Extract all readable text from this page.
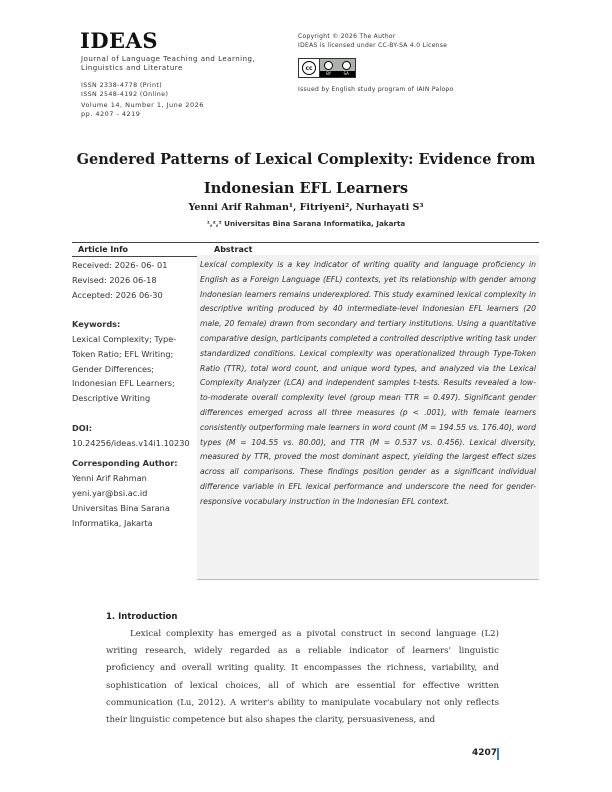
IDEAS
Journal of Language Teaching and Learning, Linguistics and Literature
ISSN 2338-4778 (Print)
ISSN 2548-4192 (Online)
Volume 14, Number 1, June 2026
pp. 4207 - 4219
Copyright © 2026 The Author
IDEAS is licensed under CC-BY-SA 4.0 License
cc
BY	SA
Issued by English study program of IAIN Palopo
Gendered Patterns of Lexical Complexity: Evidence from Indonesian EFL Learners
Yenni Arif Rahman¹, Fitriyeni², Nurhayati S³
¹,²,³ Universitas Bina Sarana Informatika, Jakarta
Article Info	Abstract
Received: 2026- 06- 01
Revised: 2026 06-18
Accepted: 2026 06-30
Keywords:
Lexical Complexity; Type-Token Ratio; EFL Writing; Gender Differences; Indonesian EFL Learners; Descriptive Writing
DOI:
10.24256/ideas.v14i1.10230
Corresponding Author:
Yenni Arif Rahman
yeni.yar@bsi.ac.id
Universitas Bina Sarana Informatika, Jakarta
Lexical complexity is a key indicator of writing quality and language proficiency in English as a Foreign Language (EFL) contexts, yet its relationship with gender among Indonesian learners remains underexplored. This study examined lexical complexity in descriptive writing produced by 40 intermediate-level Indonesian EFL learners (20 male, 20 female) drawn from secondary and tertiary institutions. Using a quantitative comparative design, participants completed a controlled descriptive writing task under standardized conditions. Lexical complexity was operationalized through Type-Token Ratio (TTR), total word count, and unique word types, and analyzed via the Lexical Complexity Analyzer (LCA) and independent samples t-tests. Results revealed a low-to-moderate overall complexity level (group mean TTR = 0.497). Significant gender differences emerged across all three measures (p < .001), with female learners consistently outperforming male learners in word count (M = 194.55 vs. 176.40), word types (M = 104.55 vs. 80.00), and TTR (M = 0.537 vs. 0.456). Lexical diversity, measured by TTR, proved the most dominant aspect, yielding the largest effect sizes across all comparisons. These findings position gender as a significant individual difference variable in EFL lexical performance and underscore the need for gender-responsive vocabulary instruction in the Indonesian EFL context.
1. Introduction
Lexical complexity has emerged as a pivotal construct in second language (L2) writing research, widely regarded as a reliable indicator of learners' linguistic proficiency and overall writing quality. It encompasses the richness, variability, and sophistication of lexical choices, all of which are essential for effective written communication (Lu, 2012). A writer's ability to manipulate vocabulary not only reflects their linguistic competence but also shapes the clarity, persuasiveness, and
4207
